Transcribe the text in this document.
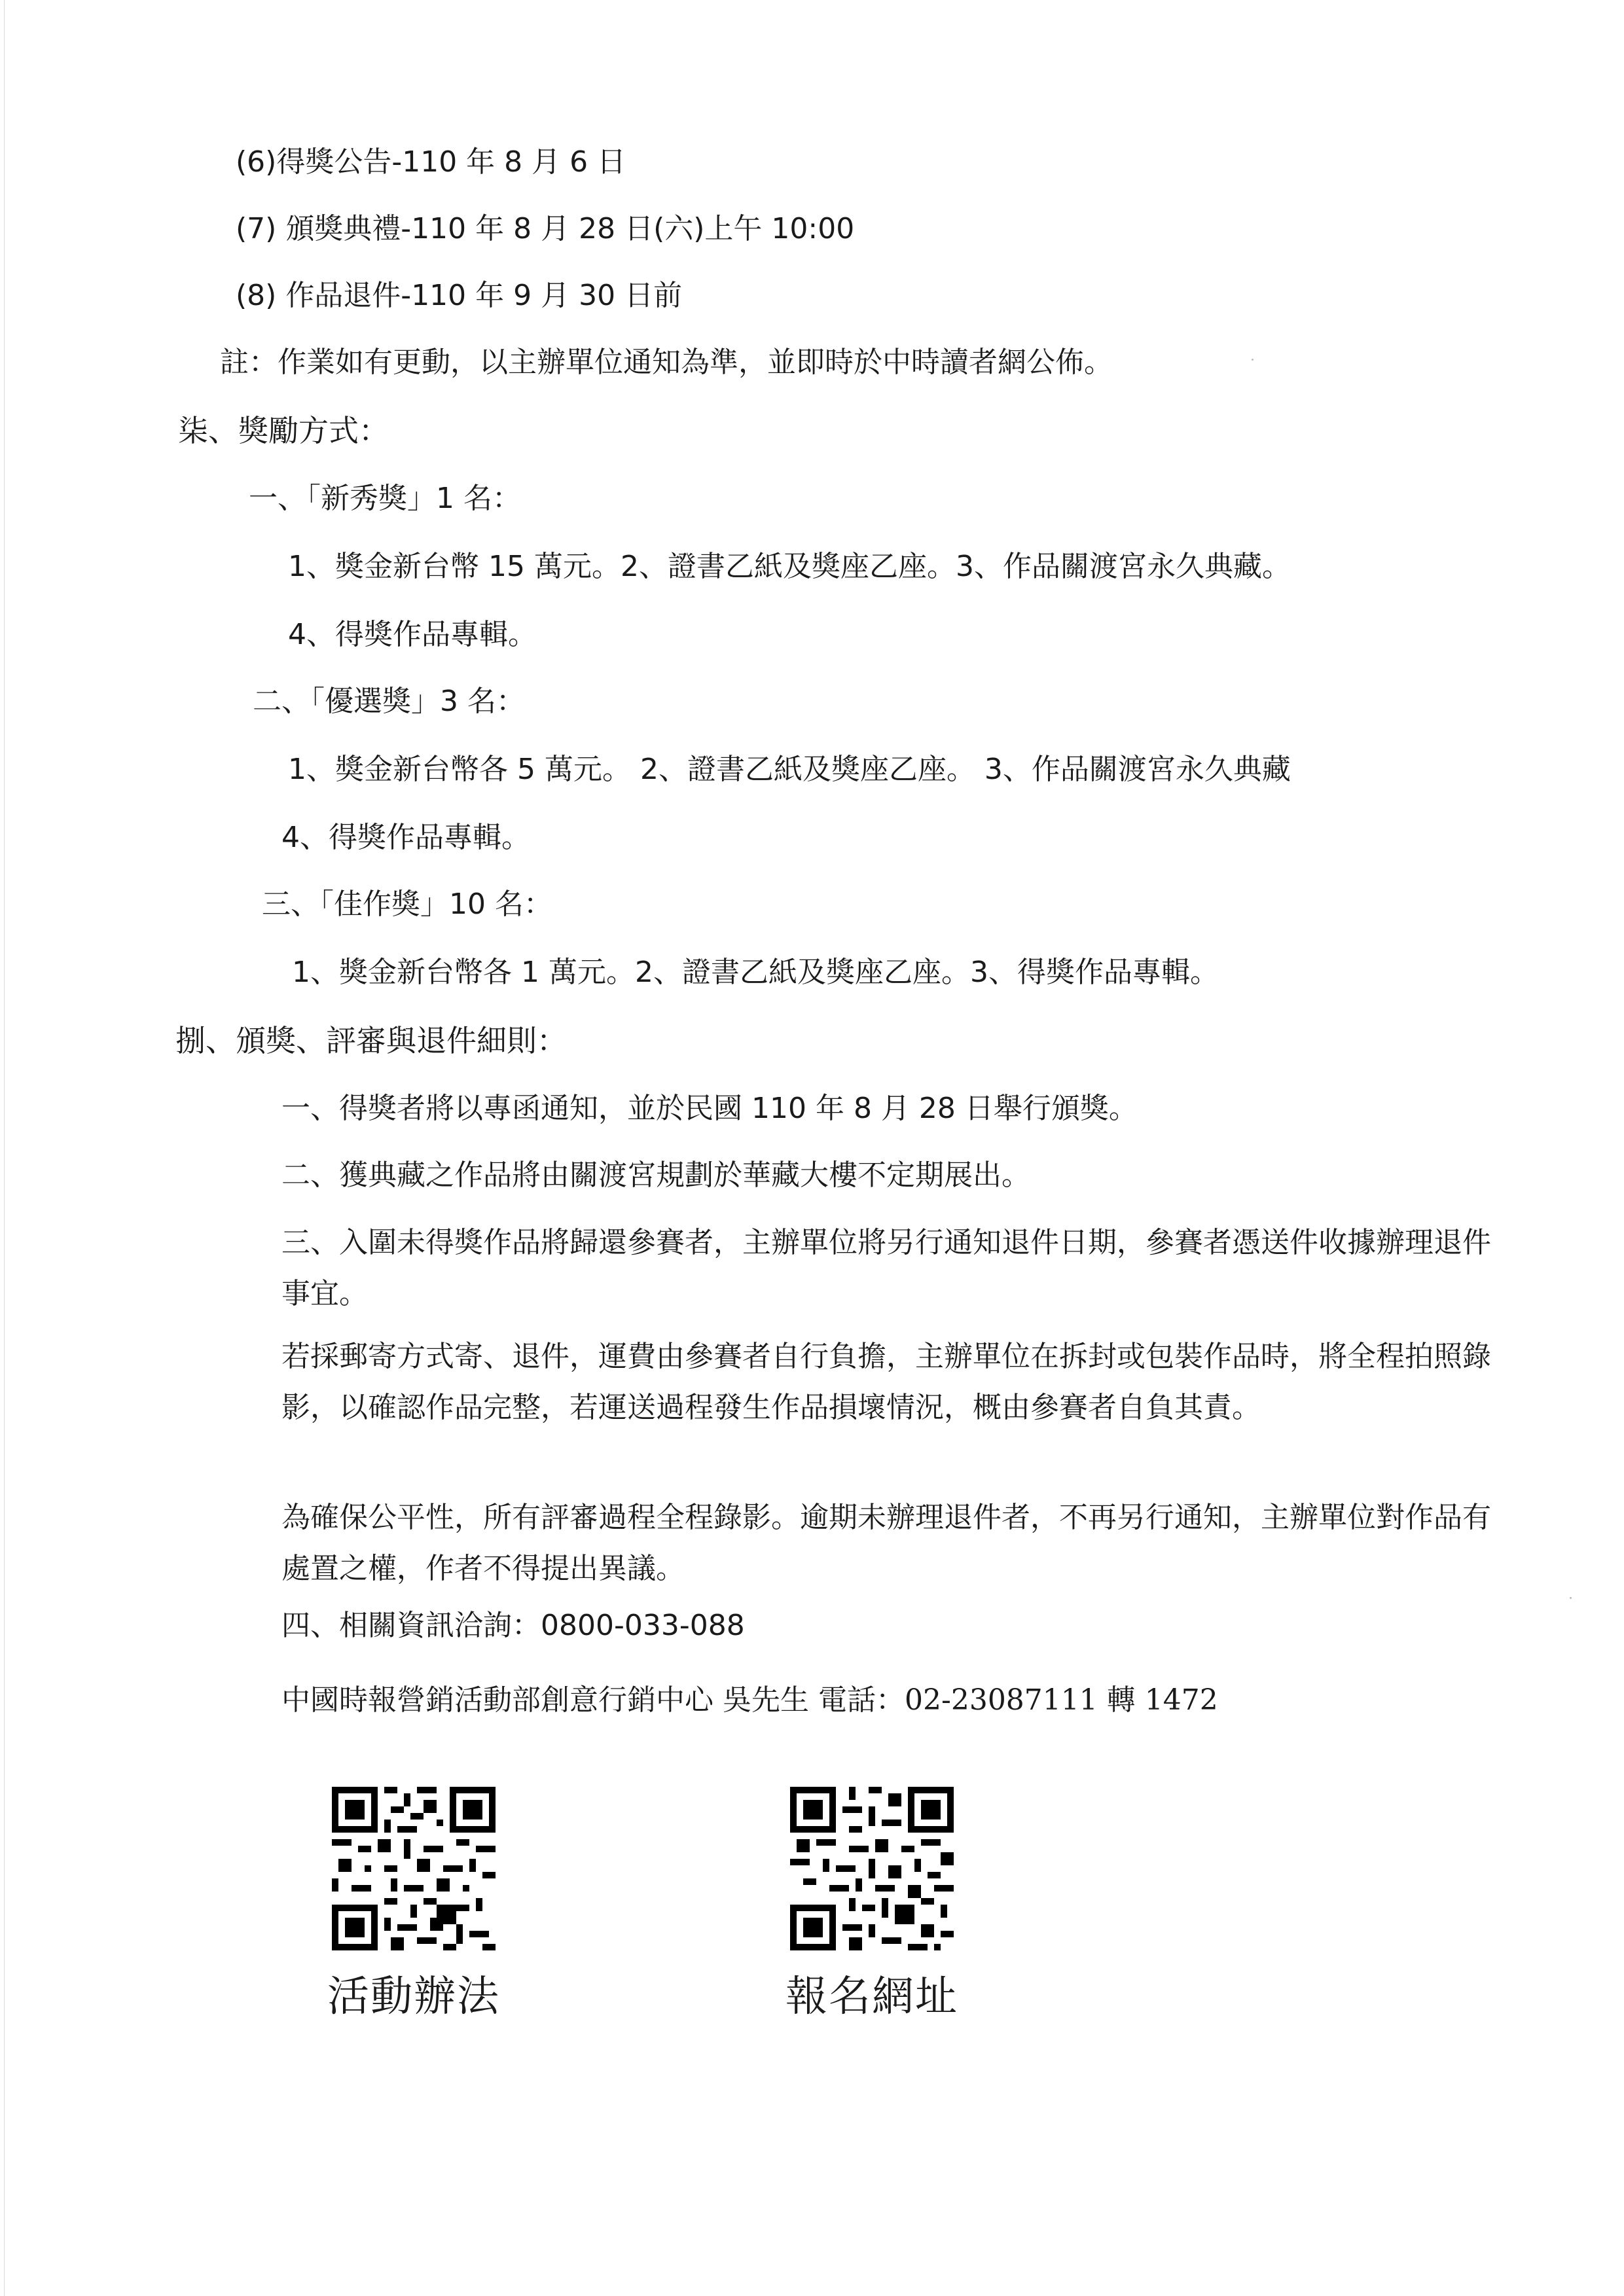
(6)得獎公告-110 年 8 月 6 日
(7) 頒獎典禮-110 年 8 月 28 日(六)上午 10:00
(8) 作品退件-110 年 9 月 30 日前
註：作業如有更動，以主辦單位通知為準，並即時於中時讀者網公佈。
柒、獎勵方式：
一、「新秀獎」1 名：
1、獎金新台幣 15 萬元。2、證書乙紙及獎座乙座。3、作品關渡宮永久典藏。
4、得獎作品專輯。
二、「優選獎」3 名：
1、獎金新台幣各 5 萬元。 2、證書乙紙及獎座乙座。 3、作品關渡宮永久典藏
4、得獎作品專輯。
三、「佳作獎」10 名：
1、獎金新台幣各 1 萬元。2、證書乙紙及獎座乙座。3、得獎作品專輯。
捌、頒獎、評審與退件細則：
一、得獎者將以專函通知，並於民國 110 年 8 月 28 日舉行頒獎。
二、獲典藏之作品將由關渡宮規劃於華藏大樓不定期展出。
三、入圍未得獎作品將歸還參賽者，主辦單位將另行通知退件日期，參賽者憑送件收據辦理退件事宜。
若採郵寄方式寄、退件，運費由參賽者自行負擔，主辦單位在拆封或包裝作品時，將全程拍照錄影，以確認作品完整，若運送過程發生作品損壞情況，概由參賽者自負其責。
為確保公平性，所有評審過程全程錄影。逾期未辦理退件者，不再另行通知，主辦單位對作品有處置之權，作者不得提出異議。
四、相關資訊洽詢：0800-033-088
中國時報營銷活動部創意行銷中心 吳先生 電話：02-23087111 轉 1472
活動辦法	報名網址
